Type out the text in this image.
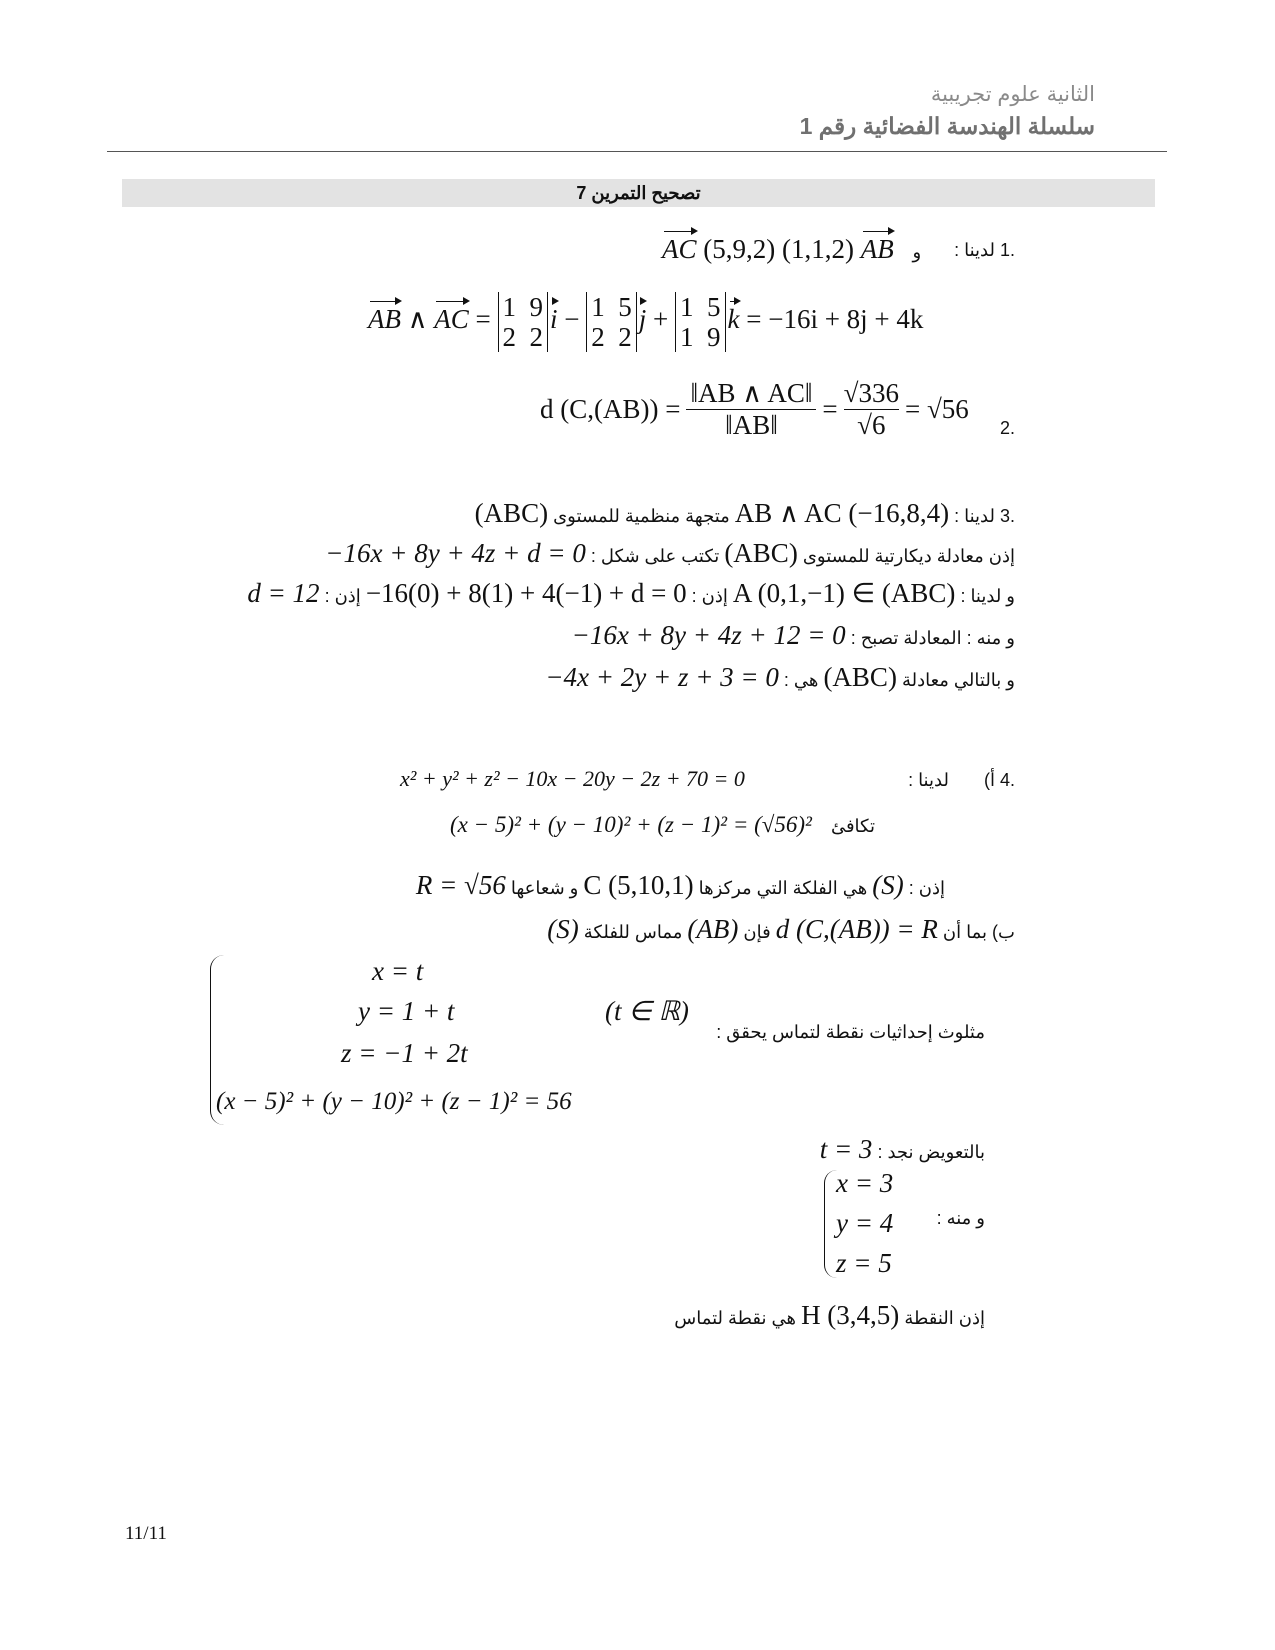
الثانية علوم تجريبية
سلسلة الهندسة الفضائية رقم 1
تصحيح التمرين 7
.1 لدينا :
AC (5,9,2)	و AB (1,1,2)
AB ∧ AC = 1  9
2  2
i − 1  5
2  2
j + 1  5
1  9
k = −16i + 8j + 4k
.2
d (C,(AB)) =
‖AB ∧ AC‖
‖AB‖
=
√336
√6
= √56
.3 لدينا : AB ∧ AC (−16,8,4) متجهة منظمية للمستوى (ABC)
إذن معادلة ديكارتية للمستوى (ABC) تكتب على شكل : −16x + 8y + 4z + d = 0
و لدينا : A (0,1,−1) ∈ (ABC) إذن : −16(0) + 8(1) + 4(−1) + d = 0 إذن : d = 12
و منه : المعادلة تصبح : −16x + 8y + 4z + 12 = 0
و بالتالي معادلة (ABC) هي : −4x + 2y + z + 3 = 0
.4 أ) لدينا :
x² + y² + z² − 10x − 20y − 2z + 70 = 0
تكافئ (x − 5)² + (y − 10)² + (z − 1)² = (√56)²
إذن : (S) هي الفلكة التي مركزها C (5,10,1) و شعاعها R = √56
ب) بما أن d (C,(AB)) = R فإن (AB) مماس للفلكة (S)
x = t
y = 1 + t
z = −1 + 2t
(x − 5)² + (y − 10)² + (z − 1)² = 56
(t ∈ ℝ)
مثلوث إحداثيات نقطة لتماس يحقق :
بالتعويض نجد : t = 3
و منه :
x = 3
y = 4
z = 5
إذن النقطة H (3,4,5) هي نقطة لتماس
11/11
